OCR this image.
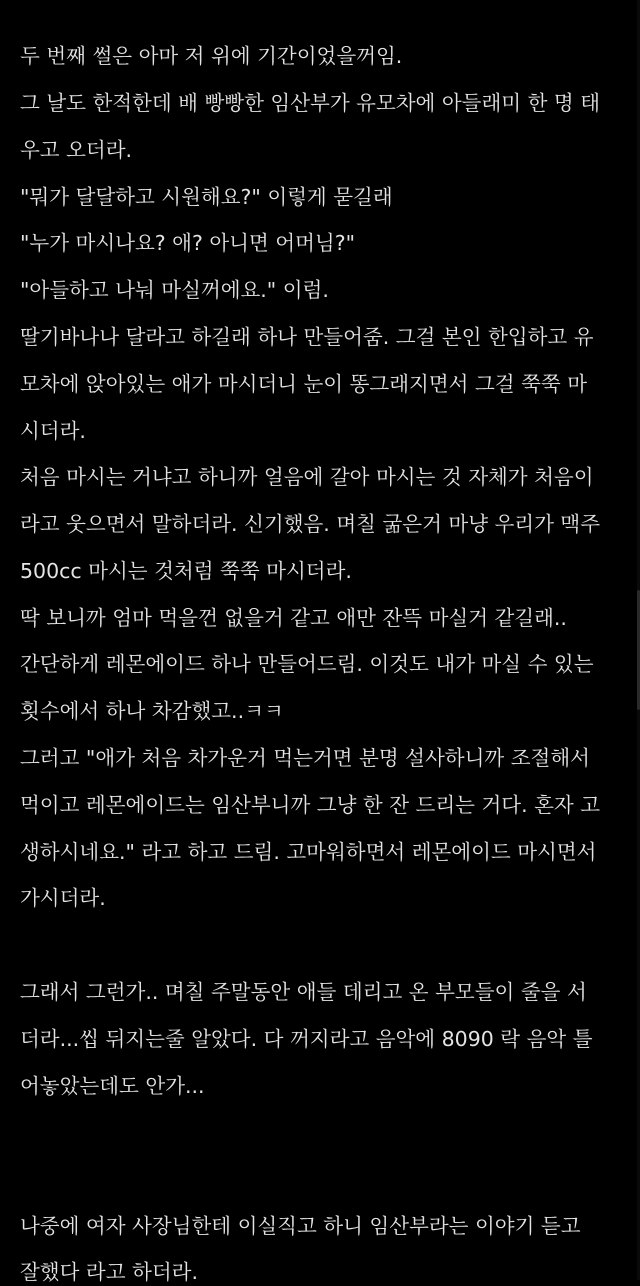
두 번째 썰은 아마 저 위에 기간이었을꺼임.
그 날도 한적한데 배 빵빵한 임산부가 유모차에 아들래미 한 명 태
우고 오더라.
"뭐가 달달하고 시원해요?" 이렇게 묻길래
"누가 마시나요? 애? 아니면 어머님?"
"아들하고 나눠 마실꺼에요." 이럼.
딸기바나나 달라고 하길래 하나 만들어줌. 그걸 본인 한입하고 유
모차에 앉아있는 애가 마시더니 눈이 똥그래지면서 그걸 쭉쭉 마
시더라.
처음 마시는 거냐고 하니까 얼음에 갈아 마시는 것 자체가 처음이
라고 웃으면서 말하더라. 신기했음. 며칠 굶은거 마냥 우리가 맥주
500cc 마시는 것처럼 쭉쭉 마시더라.
딱 보니까 엄마 먹을껀 없을거 같고 애만 잔뜩 마실거 같길래..
간단하게 레몬에이드 하나 만들어드림. 이것도 내가 마실 수 있는
횟수에서 하나 차감했고..ㅋㅋ
그러고 "애가 처음 차가운거 먹는거면 분명 설사하니까 조절해서
먹이고 레몬에이드는 임산부니까 그냥 한 잔 드리는 거다. 혼자 고
생하시네요." 라고 하고 드림. 고마워하면서 레몬에이드 마시면서
가시더라.
그래서 그런가.. 며칠 주말동안 애들 데리고 온 부모들이 줄을 서
더라...씹 뒤지는줄 알았다. 다 꺼지라고 음악에 8090 락 음악 틀
어놓았는데도 안가...
나중에 여자 사장님한테 이실직고 하니 임산부라는 이야기 듣고
잘했다 라고 하더라.
